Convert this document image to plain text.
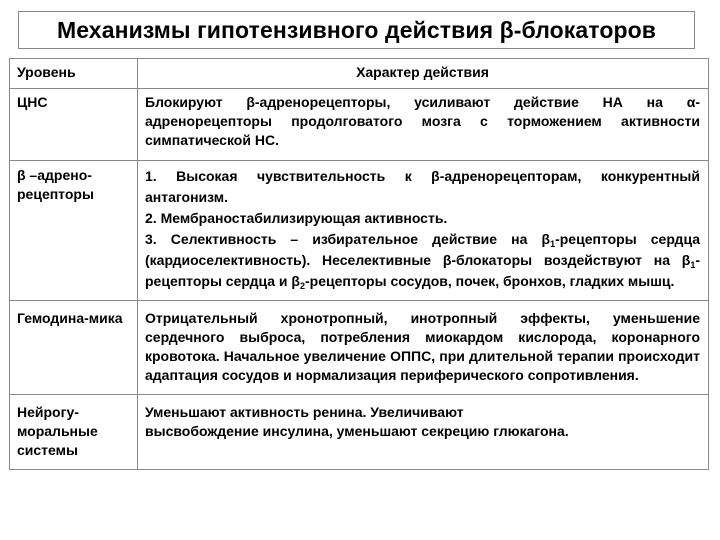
Механизмы гипотензивного действия β-блокаторов
Уровень	Характер действия
ЦНС	Блокируют β-адренорецепторы, усиливают действие НА на α-адренорецепторы продолговатого мозга с торможением активности симпатической НС.
β –адрено-рецепторы	1. Высокая чувствительность к β-адренорецепторам, конкурентный антагонизм.
2. Мембраностабилизирующая активность.
3. Селективность – избирательное действие на $\beta_1$-рецепторы сердца (кардиоселективность). Неселективные β-блокаторы воздействуют на $\beta_1$-рецепторы сердца и $\beta_2$-рецепторы сосудов, почек, бронхов, гладких мышц.

Гемодина-мика	Отрицательный хронотропный, инотропный эффекты, уменьшение сердечного выброса, потребления миокардом кислорода, коронарного кровотока. Начальное увеличение ОППС, при длительной терапии происходит адаптация сосудов и нормализация периферического сопротивления.
Нейрогу-моральные системы	Уменьшают активность ренина. Увеличивают
высвобождение инсулина, уменьшают секрецию глюкагона.
